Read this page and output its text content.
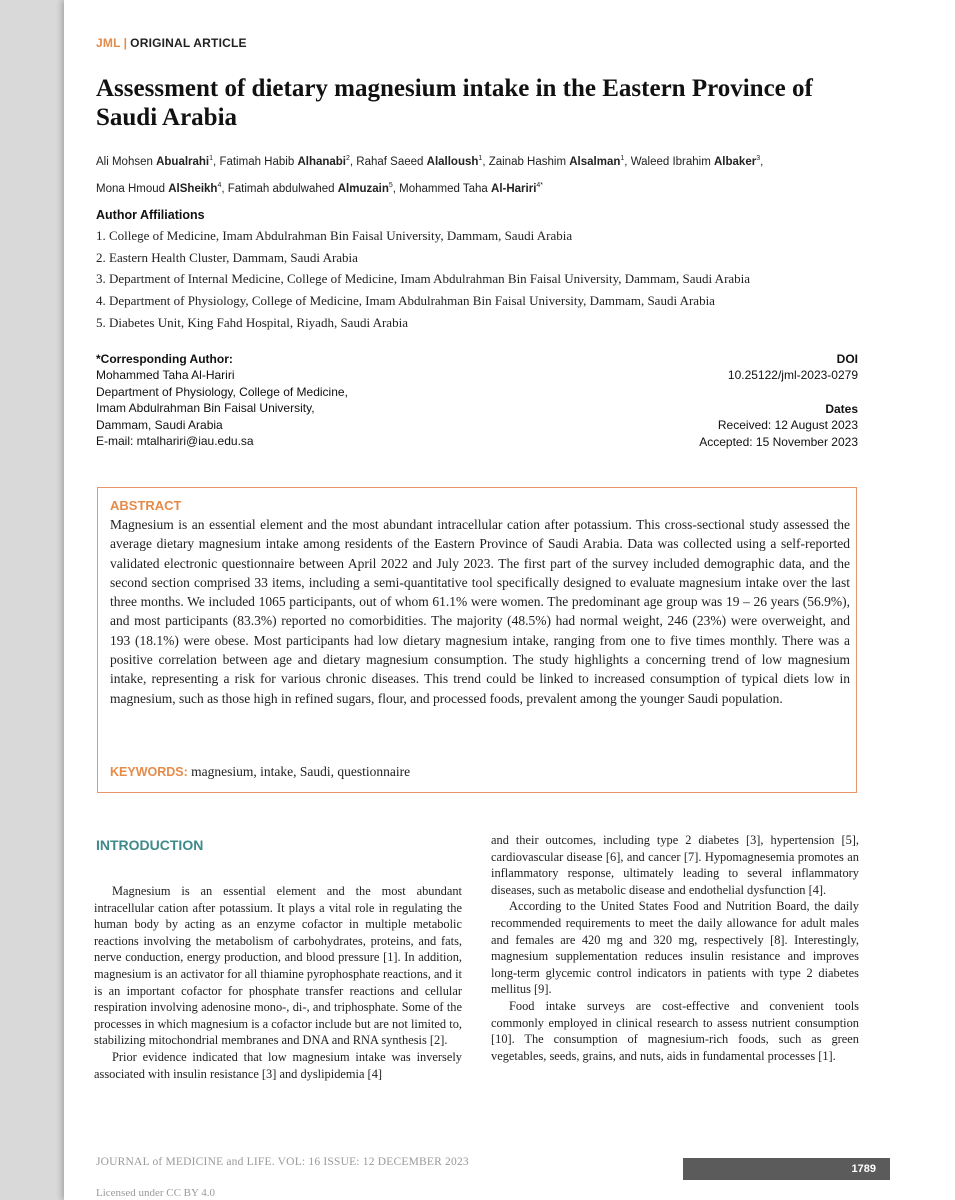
JML | ORIGINAL ARTICLE
Assessment of dietary magnesium intake in the Eastern Province of Saudi Arabia
Ali Mohsen Abualrahi$^1$, Fatimah Habib Alhanabi$^2$, Rahaf Saeed Alalloush$^1$, Zainab Hashim Alsalman$^1$, Waleed Ibrahim Albaker$^3$,
Mona Hmoud AlSheikh$^4$, Fatimah abdulwahed Almuzain$^5$, Mohammed Taha Al-Hariri$^{4*}$
Author Affiliations
1. College of Medicine, Imam Abdulrahman Bin Faisal University, Dammam, Saudi Arabia
2. Eastern Health Cluster, Dammam, Saudi Arabia
3. Department of Internal Medicine, College of Medicine, Imam Abdulrahman Bin Faisal University, Dammam, Saudi Arabia
4. Department of Physiology, College of Medicine, Imam Abdulrahman Bin Faisal University, Dammam, Saudi Arabia
5. Diabetes Unit, King Fahd Hospital, Riyadh, Saudi Arabia
*Corresponding Author:
Mohammed Taha Al-Hariri
Department of Physiology, College of Medicine,
Imam Abdulrahman Bin Faisal University,
Dammam, Saudi Arabia
E-mail: mtalhariri@iau.edu.sa
DOI
10.25122/jml-2023-0279
Dates
Received: 12 August 2023
Accepted: 15 November 2023
ABSTRACT
Magnesium is an essential element and the most abundant intracellular cation after potassium. This cross-sectional study assessed the average dietary magnesium intake among residents of the Eastern Province of Saudi Arabia. Data was collected using a self-reported validated electronic questionnaire between April 2022 and July 2023. The first part of the survey included demographic data, and the second section comprised 33 items, including a semi-quantitative tool specifically designed to evaluate magnesium intake over the last three months. We included 1065 participants, out of whom 61.1% were women. The predominant age group was 19 – 26 years (56.9%), and most participants (83.3%) reported no comorbidities. The majority (48.5%) had normal weight, 246 (23%) were overweight, and 193 (18.1%) were obese. Most participants had low dietary magnesium intake, ranging from one to five times monthly. There was a positive correlation between age and dietary magnesium consumption. The study highlights a concerning trend of low magnesium intake, representing a risk for various chronic diseases. This trend could be linked to increased consumption of typical diets low in magnesium, such as those high in refined sugars, flour, and processed foods, prevalent among the younger Saudi population.
KEYWORDS: magnesium, intake, Saudi, questionnaire
INTRODUCTION

Magnesium is an essential element and the most abundant intracellular cation after potassium. It plays a vital role in regulating the human body by acting as an enzyme cofactor in multiple metabolic reactions involving the metabolism of carbohydrates, proteins, and fats, nerve conduction, energy production, and blood pressure [1]. In addition, magnesium is an activator for all thiamine pyrophosphate reactions, and it is an important cofactor for phosphate transfer reactions and cellular respiration involving adenosine mono-, di-, and triphosphate. Some of the processes in which magnesium is a cofactor include but are not limited to, stabilizing mitochondrial membranes and DNA and RNA synthesis [2].

Prior evidence indicated that low magnesium intake was inversely associated with insulin resistance [3] and dyslipidemia [4]

and their outcomes, including type 2 diabetes [3], hypertension [5], cardiovascular disease [6], and cancer [7]. Hypomagnesemia promotes an inflammatory response, ultimately leading to several inflammatory diseases, such as metabolic disease and endothelial dysfunction [4].

According to the United States Food and Nutrition Board, the daily recommended requirements to meet the daily allowance for adult males and females are 420 mg and 320 mg, respectively [8]. Interestingly, magnesium supplementation reduces insulin resistance and improves long-term glycemic control indicators in patients with type 2 diabetes mellitus [9].

Food intake surveys are cost-effective and convenient tools commonly employed in clinical research to assess nutrient consumption [10]. The consumption of magnesium-rich foods, such as green vegetables, seeds, grains, and nuts, aids in fundamental processes [1].

JOURNAL of MEDICINE and LIFE. VOL: 16 ISSUE: 12 DECEMBER 2023
1789
Licensed under CC BY 4.0
